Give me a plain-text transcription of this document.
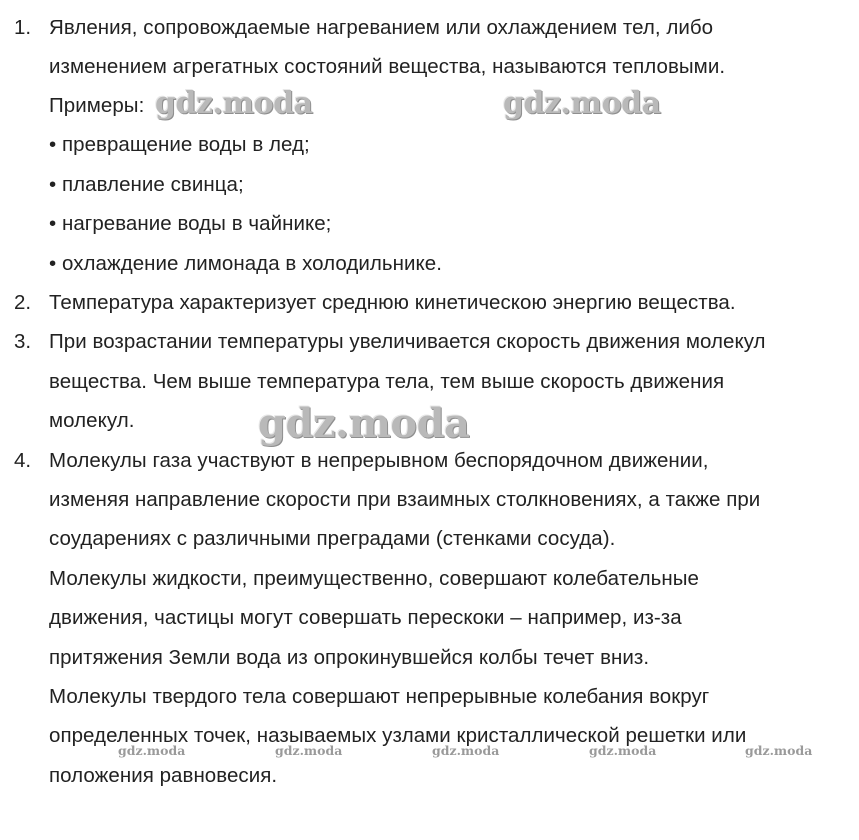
1. Явления, сопровождаемые нагреванием или охлаждением тел, либо
изменением агрегатных состояний вещества, называются тепловыми.
Примеры:
• превращение воды в лед;
• плавление свинца;
• нагревание воды в чайнике;
• охлаждение лимонада в холодильнике.
2. Температура характеризует среднюю кинетическою энергию вещества.
3. При возрастании температуры увеличивается скорость движения молекул
вещества. Чем выше температура тела, тем выше скорость движения
молекул.
4. Молекулы газа участвуют в непрерывном беспорядочном движении,
изменяя направление скорости при взаимных столкновениях, а также при
соударениях с различными преградами (стенками сосуда).
Молекулы жидкости, преимущественно, совершают колебательные
движения, частицы могут совершать перескоки – например, из-за
притяжения Земли вода из опрокинувшейся колбы течет вниз.
Молекулы твердого тела совершают непрерывные колебания вокруг
определенных точек, называемых узлами кристаллической решетки или
положения равновесия.
gdz.moda	gdz.moda
gdz.moda
gdz.moda	gdz.moda	gdz.moda	gdz.moda	gdz.moda
